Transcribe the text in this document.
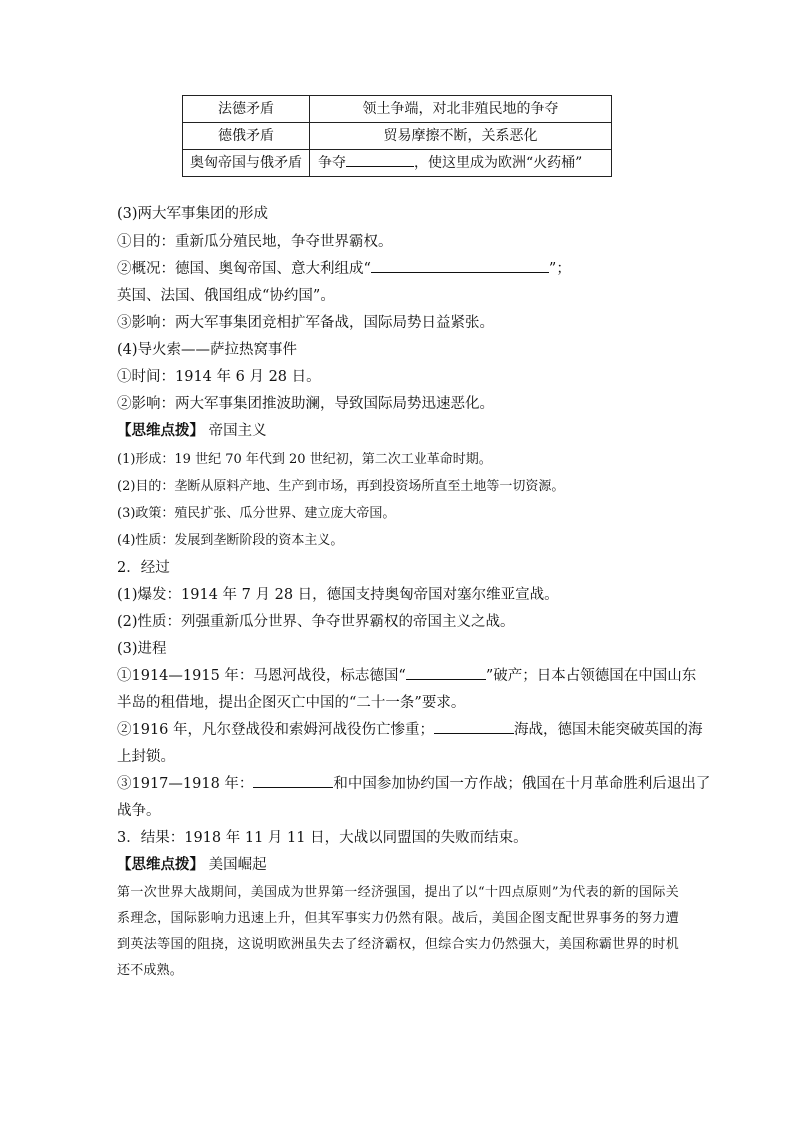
法德矛盾	领土争端，对北非殖民地的争夺
德俄矛盾	贸易摩擦不断，关系恶化
奥匈帝国与俄矛盾	争夺 ，使这里成为欧洲“火药桶”
(3)两大军事集团的形成
①目的：重新瓜分殖民地，争夺世界霸权。
②概况：德国、奥匈帝国、意大利组成“	”；
英国、法国、俄国组成“协约国”。
③影响：两大军事集团竞相扩军备战，国际局势日益紧张。
(4)导火索——萨拉热窝事件
①时间：1914 年 6 月 28 日。
②影响：两大军事集团推波助澜，导致国际局势迅速恶化。
【思维点拨】 帝国主义
(1)形成：19 世纪 70 年代到 20 世纪初，第二次工业革命时期。
(2)目的：垄断从原料产地、生产到市场，再到投资场所直至土地等一切资源。
(3)政策：殖民扩张、瓜分世界、建立庞大帝国。
(4)性质：发展到垄断阶段的资本主义。
2．经过
(1)爆发：1914 年 7 月 28 日，德国支持奥匈帝国对塞尔维亚宣战。
(2)性质：列强重新瓜分世界、争夺世界霸权的帝国主义之战。
(3)进程
①1914—1915 年：马恩河战役，标志德国“	”破产；日本占领德国在中国山东
半岛的租借地，提出企图灭亡中国的“二十一条”要求。
②1916 年，凡尔登战役和索姆河战役伤亡惨重；	海战，德国未能突破英国的海
上封锁。
③1917—1918 年：	和中国参加协约国一方作战；俄国在十月革命胜利后退出了
战争。
3．结果：1918 年 11 月 11 日，大战以同盟国的失败而结束。
【思维点拨】 美国崛起
第一次世界大战期间，美国成为世界第一经济强国，提出了以“十四点原则”为代表的新的国际关系理念，国际影响力迅速上升，但其军事实力仍然有限。战后，美国企图支配世界事务的努力遭到英法等国的阻挠，这说明欧洲虽失去了经济霸权，但综合实力仍然强大，美国称霸世界的时机还不成熟。
